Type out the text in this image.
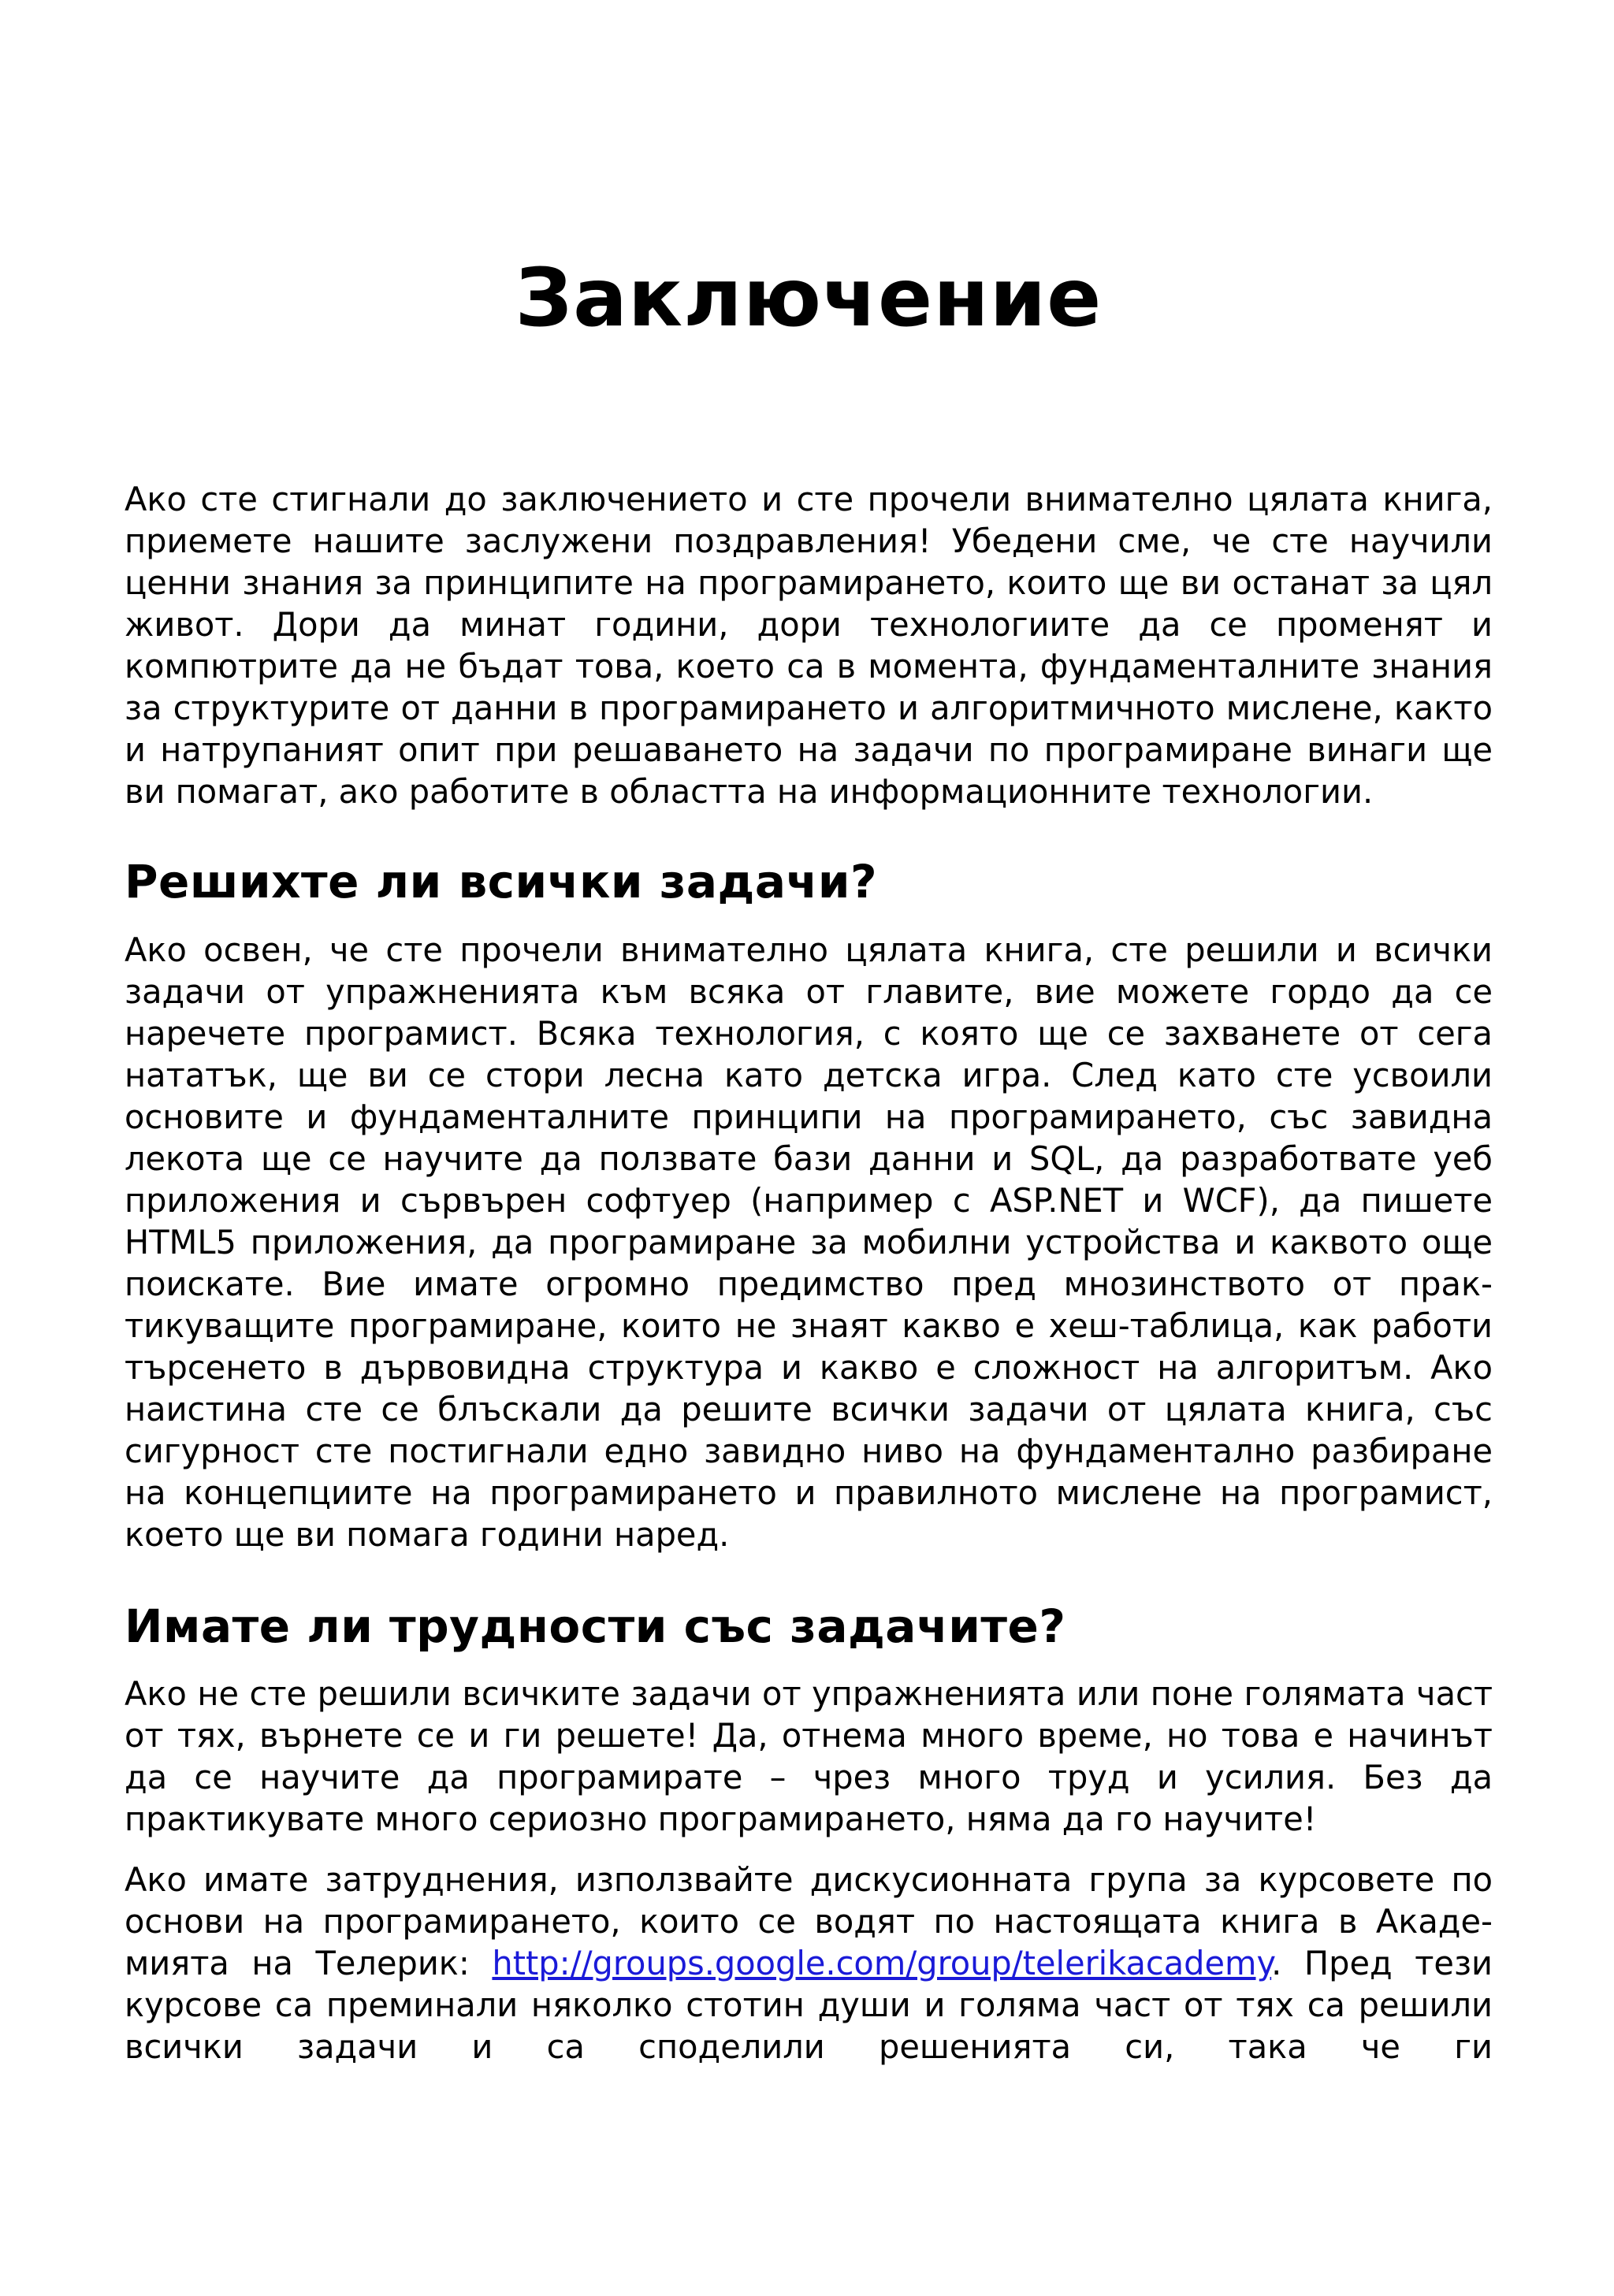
Заключение

Ако сте стигнали до заключението и сте прочели внимателно цялата книга, приемете нашите заслужени поздравления! Убедени сме, че сте научили ценни знания за принципите на програмирането, които ще ви останат за цял живот. Дори да минат години, дори технологиите да се променят и компютрите да не бъдат това, което са в момента, фундаменталните знания за структурите от данни в програмирането и алгоритмичното мислене, както и натрупаният опит при решаването на задачи по програмиране винаги ще ви помагат, ако работите в областта на информационните технологии.

Решихте ли всички задачи?

Ако освен, че сте прочели внимателно цялата книга, сте решили и всички задачи от упражненията към всяка от главите, вие можете гордо да се наречете програмист. Всяка технология, с която ще се захванете от сега нататък, ще ви се стори лесна като детска игра. След като сте усвоили основите и фундаменталните принципи на програмирането, със завидна лекота ще се научите да ползвате бази данни и SQL, да разработвате уеб приложения и сървърен софтуер (например с ASP.NET и WCF), да пишете HTML5 приложения, да програмиране за мобилни устройства и каквото още поискате. Вие имате огромно предимство пред мнозинството от практикуващите програмиране, които не знаят какво е хеш-таблица, как работи търсенето в дървовидна структура и какво е сложност на алгоритъм. Ако наистина сте се блъскали да решите всички задачи от цялата книга, със сигурност сте постигнали едно завидно ниво на фундаментално разбиране на концепциите на програмирането и правилното мислене на програмист, което ще ви помага години наред.

Имате ли трудности със задачите?

Ако не сте решили всичките задачи от упражненията или поне голямата част от тях, върнете се и ги решете! Да, отнема много време, но това е начинът да се научите да програмирате – чрез много труд и усилия. Без да практикувате много сериозно програмирането, няма да го научите!

Ако имате затруднения, използвайте дискусионната група за курсовете по основи на програмирането, които се водят по настоящата книга в Академията на Телерик: http://groups.google.com/group/telerikacademy. Пред тези курсове са преминали няколко стотин души и голяма част от тях са решили всички задачи и са споделили решенията си, така че ги
